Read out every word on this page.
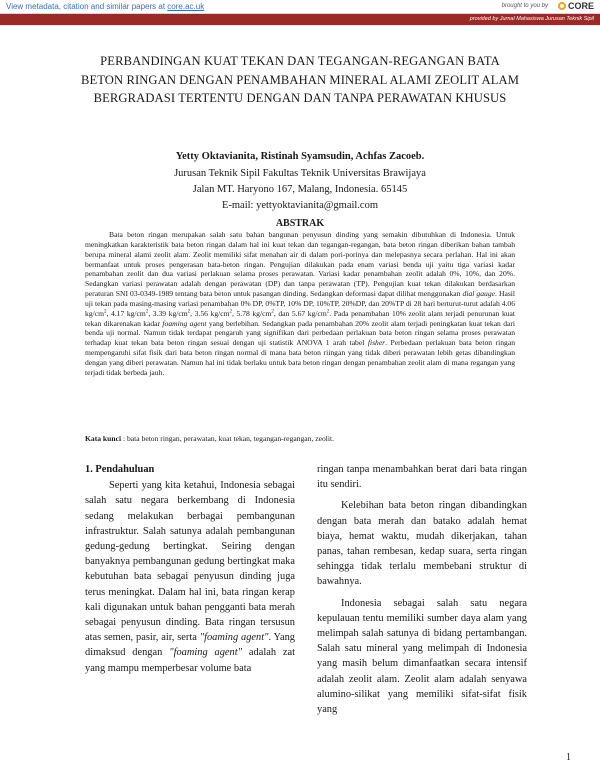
View metadata, citation and similar papers at core.ac.uk	brought to you by CORE
provided by Jurnal Mahasiswa Jurusan Teknik Sipil
PERBANDINGAN KUAT TEKAN DAN TEGANGAN-REGANGAN BATA BETON RINGAN DENGAN PENAMBAHAN MINERAL ALAMI ZEOLIT ALAM BERGRADASI TERTENTU DENGAN DAN TANPA PERAWATAN KHUSUS
Yetty Oktavianita, Ristinah Syamsudin, Achfas Zacoeb.
Jurusan Teknik Sipil Fakultas Teknik Universitas Brawijaya
Jalan MT. Haryono 167, Malang, Indonesia. 65145
E-mail: yettyoktavianita@gmail.com
ABSTRAK
Bata beton ringan merupakan salah satu bahan bangunan penyusun dinding yang semakin dibutuhkan di Indonesia. Untuk meningkatkan karakteristik bata beton ringan dalam hal ini kuat tekan dan tegangan-regangan, bata beton ringan diberikan bahan tambah berupa mineral alami zeolit alam. Zeolit memiliki sifat menahan air di dalam pori-porinya dan melepasnya secara perlahan. Hal ini akan bermanfaat untuk proses pengerasan bata-beton ringan. Pengujian dilakukan pada enam variasi benda uji yaitu tiga variasi kadar penambahan zeolit dan dua variasi perlakuan selama proses perawatan. Variasi kadar penambahan zeolit adalah 0%, 10%, dan 20%. Sedangkan variasi perawatan adalah dengan perawatan (DP) dan tanpa perawatan (TP). Pengujian kuat tekan dilakukan berdasarkan peraturan SNI 03-0349-1989 tentang bata beton untuk pasangan dinding. Sedangkan deformasi dapat dilihat menggunakan dial gauge. Hasil uji tekan pada masing-masing variasi penambahan 0% DP, 0%TP, 10% DP, 10%TP, 20%DP, dan 20%TP di 28 hari berturut-turut adalah 4.06 $kg/cm^2$, 4.17 $kg/cm^2$, 3.39 $kg/cm^2$, 3.56 $kg/cm^2$, 5.78 $kg/cm^2$, dan 5.67 $kg/cm^2$. Pada penambahan 10% zeolit alam terjadi penurunan kuat tekan dikarenakan kadar foaming agent yang berlebihan. Sedangkan pada penambahan 20% zeolit alam terjadi peningkatan kuat tekan dari benda uji normal. Namun tidak terdapat pengaruh yang signifikan dari perbedaan perlakuan bata beton ringan selama proses perawatan terhadap kuat tekan bata beton ringan sesuai dengan uji statistik ANOVA 1 arah tabel fisher. Perbedaan perlakuan bata beton ringan mempengaruhi sifat fisik dari bata beton ringan normal di mana bata beton riingan yang tidak diberi perawatan lebih getas dibandingkan dengan yang diberi perawatan. Namun hal ini tidak berlaku untuk bata beton ringan dengan penambahan zeolit alam di mana regangan yang terjadi tidak berbeda jauh.
Kata kunci : bata beton ringan, perawatan, kuat tekan, tegangan-regangan, zeolit.
1. Pendahuluan
Seperti yang kita ketahui, Indonesia sebagai salah satu negara berkembang di Indonesia sedang melakukan berbagai pembangunan infrastruktur. Salah satunya adalah pembangunan gedung-gedung bertingkat. Seiring dengan banyaknya pembangunan gedung bertingkat maka kebutuhan bata sebagai penyusun dinding juga terus meningkat. Dalam hal ini, bata ringan kerap kali digunakan untuk bahan pengganti bata merah sebagai penyusun dinding. Bata ringan tersusun atas semen, pasir, air, serta "foaming agent". Yang dimaksud dengan "foaming agent" adalah zat yang mampu memperbesar volume bata
ringan tanpa menambahkan berat dari bata ringan itu sendiri.
Kelebihan bata beton ringan dibandingkan dengan bata merah dan batako adalah hemat biaya, hemat waktu, mudah dikerjakan, tahan panas, tahan rembesan, kedap suara, serta ringan sehingga tidak terlalu membebani struktur di bawahnya.
Indonesia sebagai salah satu negara kepulauan tentu memiliki sumber daya alam yang melimpah salah satunya di bidang pertambangan. Salah satu mineral yang melimpah di Indonesia yang masih belum dimanfaatkan secara intensif adalah zeolit alam. Zeolit alam adalah senyawa alumino-silikat yang memiliki sifat-sifat fisik yang
1
